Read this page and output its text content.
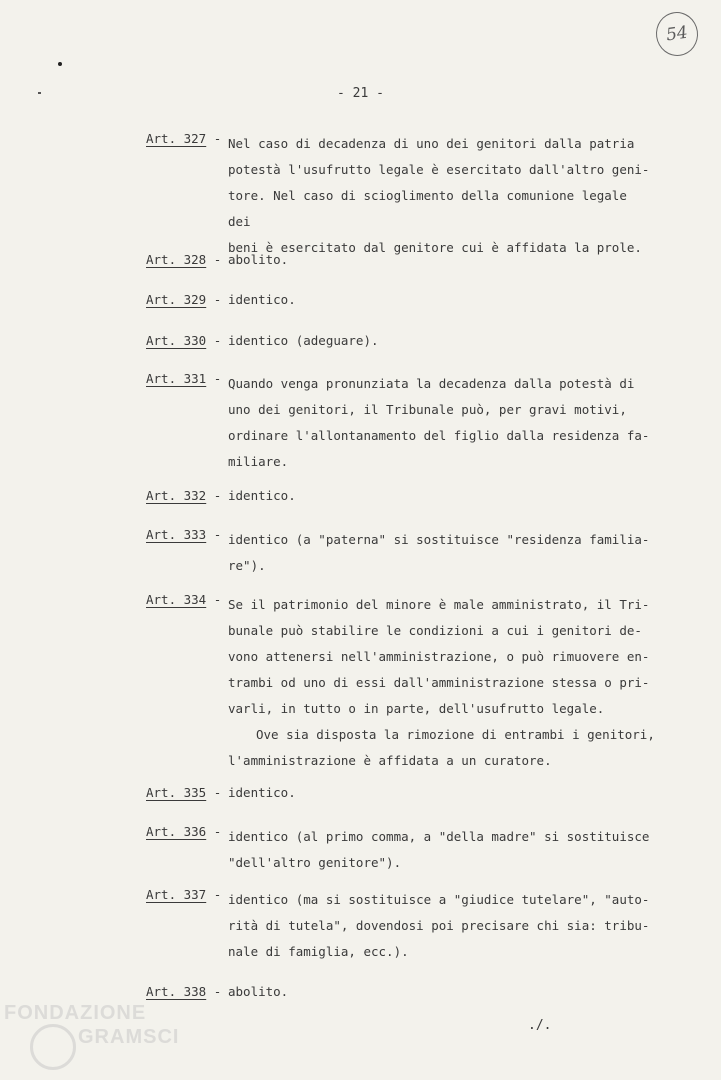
54
- 21 -
Art. 327 - Nel caso di decadenza di uno dei genitori dalla patria

potestà l'usufrutto legale è esercitato dall'altro geni-

tore. Nel caso di scioglimento della comunione legale dei

beni è esercitato dal genitore cui è affidata la prole.

Art. 328 - abolito.
Art. 329 - identico.
Art. 330 - identico (adeguare).
Art. 331 - Quando venga pronunziata la decadenza dalla potestà di

uno dei genitori, il Tribunale può, per gravi motivi,

ordinare l'allontanamento del figlio dalla residenza fa-

miliare.

Art. 332 - identico.
Art. 333 - identico (a "paterna" si sostituisce "residenza familia-

re").

Art. 334 - Se il patrimonio del minore è male amministrato, il Tri-

bunale può stabilire le condizioni a cui i genitori de-

vono attenersi nell'amministrazione, o può rimuovere en-

trambi od uno di essi dall'amministrazione stessa o pri-

varli, in tutto o in parte, dell'usufrutto legale.

Ove sia disposta la rimozione di entrambi i genitori,

l'amministrazione è affidata a un curatore.

Art. 335 - identico.
Art. 336 - identico (al primo comma, a "della madre" si sostituisce

"dell'altro genitore").

Art. 337 - identico (ma si sostituisce a "giudice tutelare", "auto-

rità di tutela", dovendosi poi precisare chi sia: tribu-

nale di famiglia, ecc.).

Art. 338 - abolito.
./.
FONDAZIONE
GRAMSCI
